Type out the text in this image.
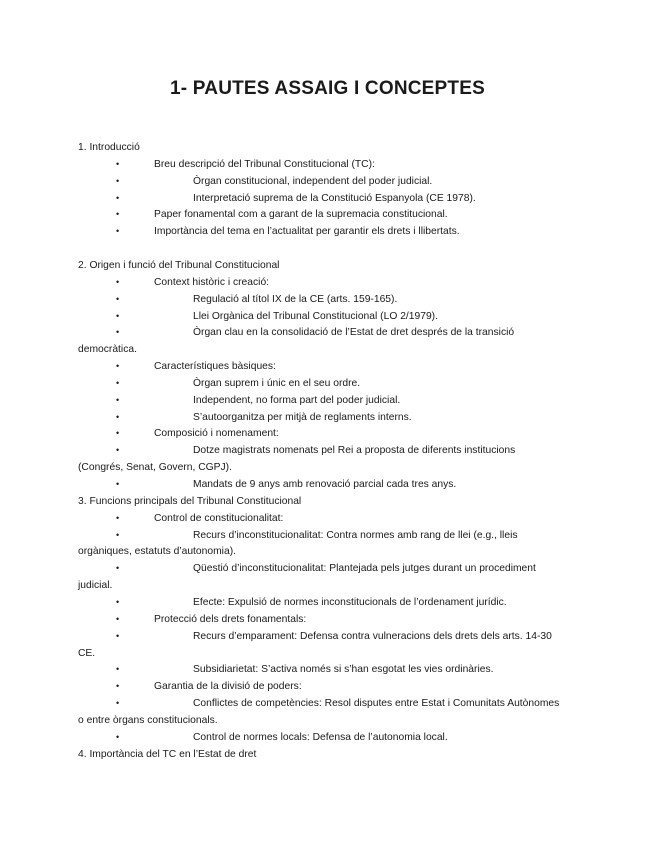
1- PAUTES ASSAIG I CONCEPTES
1. Introducció
•	Breu descripció del Tribunal Constitucional (TC):
•	Òrgan constitucional, independent del poder judicial.
•	Interpretació suprema de la Constitució Espanyola (CE 1978).
•	Paper fonamental com a garant de la supremacia constitucional.
•	Importància del tema en l’actualitat per garantir els drets i llibertats.
2. Origen i funció del Tribunal Constitucional
•	Context històric i creació:
•	Regulació al títol IX de la CE (arts. 159-165).
•	Llei Orgànica del Tribunal Constitucional (LO 2/1979).
•	Òrgan clau en la consolidació de l’Estat de dret després de la transició
democràtica.
•	Característiques bàsiques:
•	Òrgan suprem i únic en el seu ordre.
•	Independent, no forma part del poder judicial.
•	S’autoorganitza per mitjà de reglaments interns.
•	Composició i nomenament:
•	Dotze magistrats nomenats pel Rei a proposta de diferents institucions
(Congrés, Senat, Govern, CGPJ).
•	Mandats de 9 anys amb renovació parcial cada tres anys.
3. Funcions principals del Tribunal Constitucional
•	Control de constitucionalitat:
•	Recurs d’inconstitucionalitat: Contra normes amb rang de llei (e.g., lleis
orgàniques, estatuts d’autonomia).
•	Qüestió d’inconstitucionalitat: Plantejada pels jutges durant un procediment
judicial.
•	Efecte: Expulsió de normes inconstitucionals de l’ordenament jurídic.
•	Protecció dels drets fonamentals:
•	Recurs d’emparament: Defensa contra vulneracions dels drets dels arts. 14-30
CE.
•	Subsidiarietat: S’activa només si s’han esgotat les vies ordinàries.
•	Garantia de la divisió de poders:
•	Conflictes de competències: Resol disputes entre Estat i Comunitats Autònomes
o entre òrgans constitucionals.
•	Control de normes locals: Defensa de l’autonomia local.
4. Importància del TC en l’Estat de dret
